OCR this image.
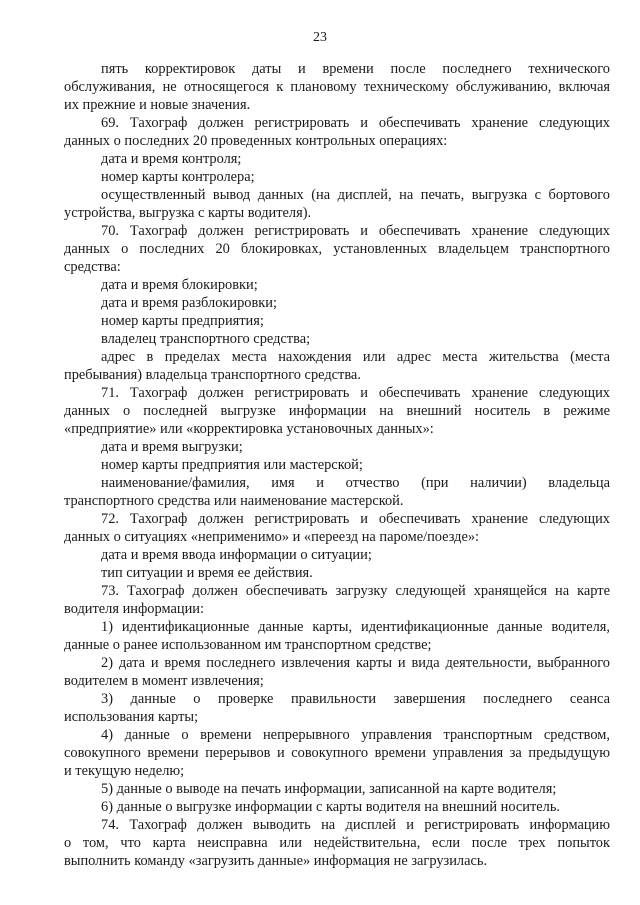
23
пять корректировок даты и времени после последнего технического
обслуживания, не относящегося к плановому техническому обслуживанию, включая
их прежние и новые значения.
69. Тахограф должен регистрировать и обеспечивать хранение следующих
данных о последних 20 проведенных контрольных операциях:
дата и время контроля;
номер карты контролера;
осуществленный вывод данных (на дисплей, на печать, выгрузка с бортового
устройства, выгрузка с карты водителя).
70. Тахограф должен регистрировать и обеспечивать хранение следующих
данных о последних 20 блокировках, установленных владельцем транспортного
средства:
дата и время блокировки;
дата и время разблокировки;
номер карты предприятия;
владелец транспортного средства;
адрес в пределах места нахождения или адрес места жительства (места
пребывания) владельца транспортного средства.
71. Тахограф должен регистрировать и обеспечивать хранение следующих
данных о последней выгрузке информации на внешний носитель в режиме
«предприятие» или «корректировка установочных данных»:
дата и время выгрузки;
номер карты предприятия или мастерской;
наименование/фамилия, имя и отчество (при наличии) владельца
транспортного средства или наименование мастерской.
72. Тахограф должен регистрировать и обеспечивать хранение следующих
данных о ситуациях «неприменимо» и «переезд на пароме/поезде»:
дата и время ввода информации о ситуации;
тип ситуации и время ее действия.
73. Тахограф должен обеспечивать загрузку следующей хранящейся на карте
водителя информации:
1) идентификационные данные карты, идентификационные данные водителя,
данные о ранее использованном им транспортном средстве;
2) дата и время последнего извлечения карты и вида деятельности, выбранного
водителем в момент извлечения;
3) данные о проверке правильности завершения последнего сеанса
использования карты;
4) данные о времени непрерывного управления транспортным средством,
совокупного времени перерывов и совокупного времени управления за предыдущую
и текущую неделю;
5) данные о выводе на печать информации, записанной на карте водителя;
6) данные о выгрузке информации с карты водителя на внешний носитель.
74. Тахограф должен выводить на дисплей и регистрировать информацию
о том, что карта неисправна или недействительна, если после трех попыток
выполнить команду «загрузить данные» информация не загрузилась.
